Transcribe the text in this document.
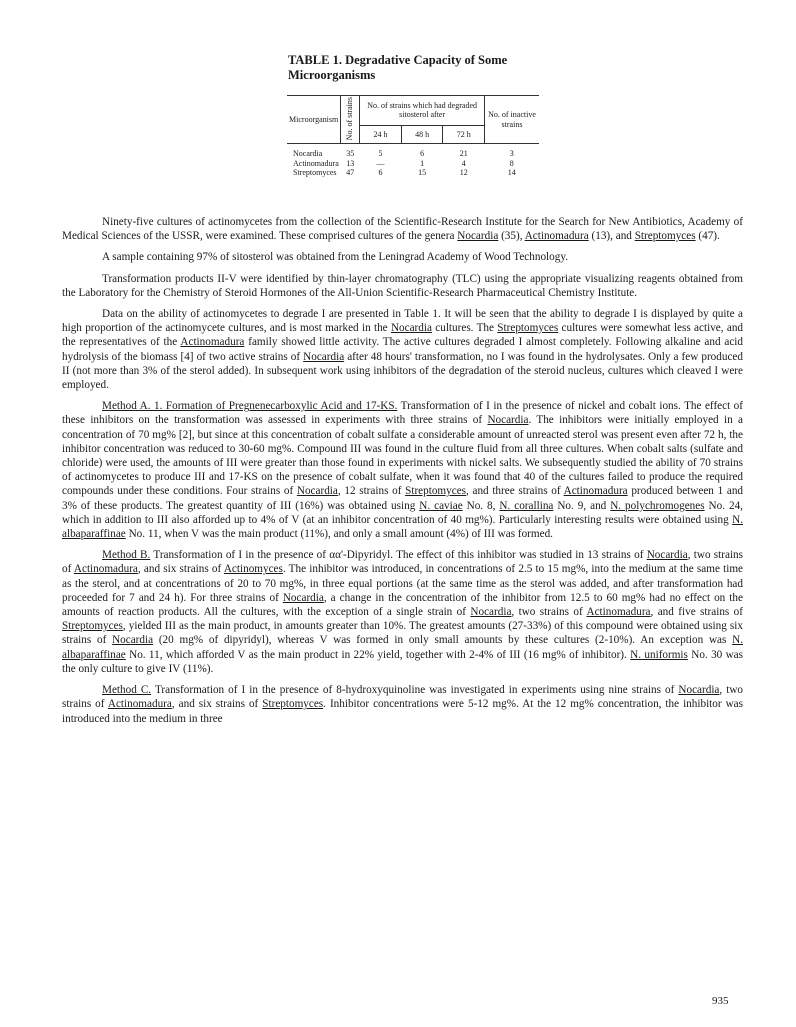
TABLE 1. Degradative Capacity of Some Microorganisms
Microorganism	No. of strains	No. of strains which had degraded sitosterol after			No. of inactive strains
		24 h	48 h	72 h	
Nocardia	35	5	6	21	3
Actinomadura	13	—	1	4	8
Streptomyces	47	6	15	12	14

Ninety-five cultures of actinomycetes from the collection of the Scientific-Research Institute for the Search for New Antibiotics, Academy of Medical Sciences of the USSR, were examined. These comprised cultures of the genera Nocardia (35), Actinomadura (13), and Streptomyces (47).

A sample containing 97% of sitosterol was obtained from the Leningrad Academy of Wood Technology.

Transformation products II-V were identified by thin-layer chromatography (TLC) using the appropriate visualizing reagents obtained from the Laboratory for the Chemistry of Steroid Hormones of the All-Union Scientific-Research Pharmaceutical Chemistry Institute.

Data on the ability of actinomycetes to degrade I are presented in Table 1. It will be seen that the ability to degrade I is displayed by quite a high proportion of the actinomycete cultures, and is most marked in the Nocardia cultures. The Streptomyces cultures were somewhat less active, and the representatives of the Actinomadura family showed little activity. The active cultures degraded I almost completely. Following alkaline and acid hydrolysis of the biomass [4] of two active strains of Nocardia after 48 hours' transformation, no I was found in the hydrolysates. Only a few produced II (not more than 3% of the sterol added). In subsequent work using inhibitors of the degradation of the steroid nucleus, cultures which cleaved I were employed.

Method A. 1. Formation of Pregnenecarboxylic Acid and 17-KS. Transformation of I in the presence of nickel and cobalt ions. The effect of these inhibitors on the transformation was assessed in experiments with three strains of Nocardia. The inhibitors were initially employed in a concentration of 70 mg% [2], but since at this concentration of cobalt sulfate a considerable amount of unreacted sterol was present even after 72 h, the inhibitor concentration was reduced to 30-60 mg%. Compound III was found in the culture fluid from all three cultures. When cobalt salts (sulfate and chloride) were used, the amounts of III were greater than those found in experiments with nickel salts. We subsequently studied the ability of 70 strains of actinomycetes to produce III and 17-KS on the presence of cobalt sulfate, when it was found that 40 of the cultures failed to produce the required compounds under these conditions. Four strains of Nocardia, 12 strains of Streptomyces, and three strains of Actinomadura produced between 1 and 3% of these products. The greatest quantity of III (16%) was obtained using N. caviae No. 8, N. corallina No. 9, and N. polychromogenes No. 24, which in addition to III also afforded up to 4% of V (at an inhibitor concentration of 40 mg%). Particularly interesting results were obtained using N. albaparaffinae No. 11, when V was the main product (11%), and only a small amount (4%) of III was formed.

Method B. Transformation of I in the presence of αα'-Dipyridyl. The effect of this inhibitor was studied in 13 strains of Nocardia, two strains of Actinomadura, and six strains of Actinomyces. The inhibitor was introduced, in concentrations of 2.5 to 15 mg%, into the medium at the same time as the sterol, and at concentrations of 20 to 70 mg%, in three equal portions (at the same time as the sterol was added, and after transformation had proceeded for 7 and 24 h). For three strains of Nocardia, a change in the concentration of the inhibitor from 12.5 to 60 mg% had no effect on the amounts of reaction products. All the cultures, with the exception of a single strain of Nocardia, two strains of Actinomadura, and five strains of Streptomyces, yielded III as the main product, in amounts greater than 10%. The greatest amounts (27-33%) of this compound were obtained using six strains of Nocardia (20 mg% of dipyridyl), whereas V was formed in only small amounts by these cultures (2-10%). An exception was N. albaparaffinae No. 11, which afforded V as the main product in 22% yield, together with 2-4% of III (16 mg% of inhibitor). N. uniformis No. 30 was the only culture to give IV (11%).

Method C. Transformation of I in the presence of 8-hydroxyquinoline was investigated in experiments using nine strains of Nocardia, two strains of Actinomadura, and six strains of Streptomyces. Inhibitor concentrations were 5-12 mg%. At the 12 mg% concentration, the inhibitor was introduced into the medium in three

935
